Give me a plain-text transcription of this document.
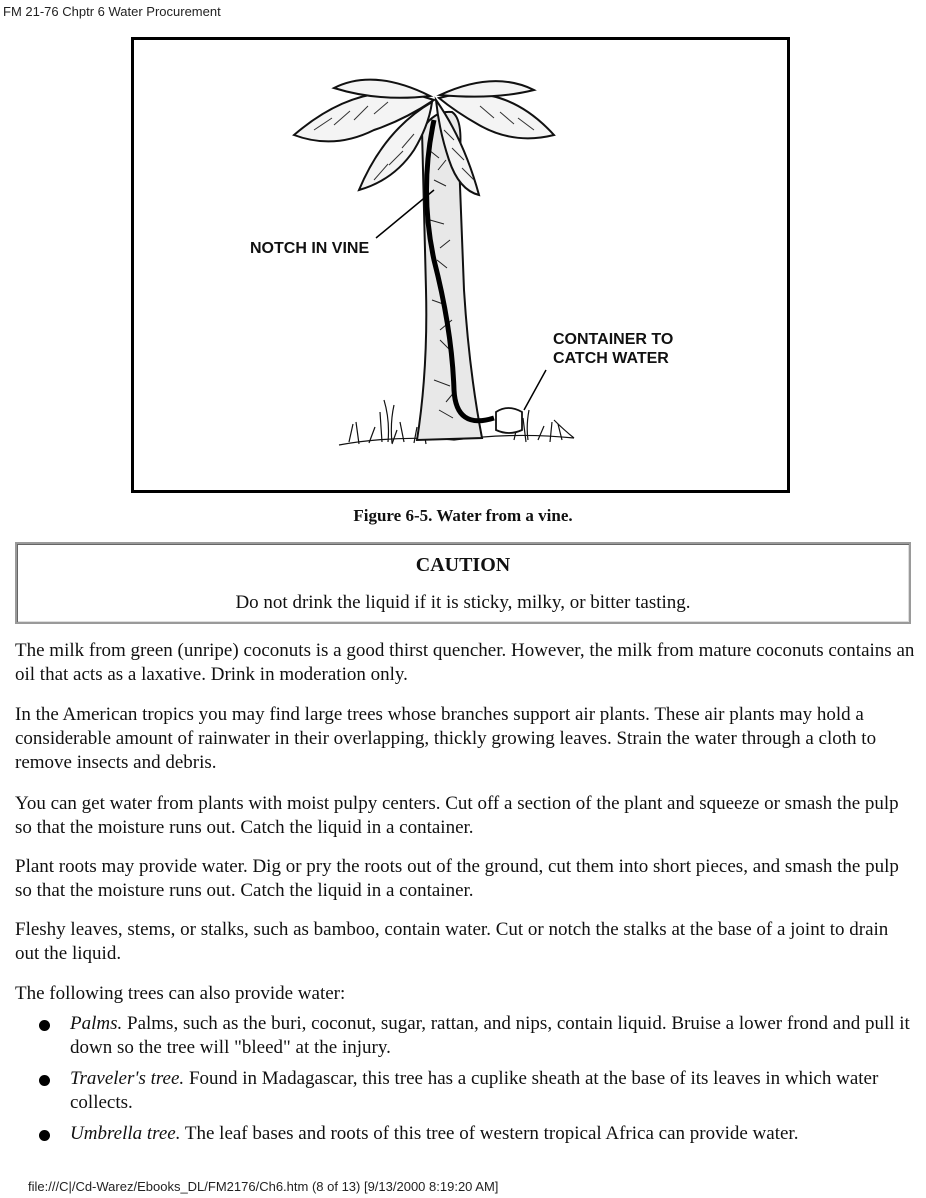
FM 21-76 Chptr 6 Water Procurement
NOTCH IN VINE
CONTAINER TO
CATCH WATER
Figure 6-5. Water from a vine.
CAUTION
Do not drink the liquid if it is sticky, milky, or bitter tasting.

The milk from green (unripe) coconuts is a good thirst quencher. However, the milk from mature coconuts contains an oil that acts as a laxative. Drink in moderation only.

In the American tropics you may find large trees whose branches support air plants. These air plants may hold a considerable amount of rainwater in their overlapping, thickly growing leaves. Strain the water through a cloth to remove insects and debris.

You can get water from plants with moist pulpy centers. Cut off a section of the plant and squeeze or smash the pulp so that the moisture runs out. Catch the liquid in a container.

Plant roots may provide water. Dig or pry the roots out of the ground, cut them into short pieces, and smash the pulp so that the moisture runs out. Catch the liquid in a container.

Fleshy leaves, stems, or stalks, such as bamboo, contain water. Cut or notch the stalks at the base of a joint to drain out the liquid.

The following trees can also provide water:

Palms. Palms, such as the buri, coconut, sugar, rattan, and nips, contain liquid. Bruise a lower frond and pull it down so the tree will "bleed" at the injury.
Traveler's tree. Found in Madagascar, this tree has a cuplike sheath at the base of its leaves in which water collects.
Umbrella tree. The leaf bases and roots of this tree of western tropical Africa can provide water.
file:///C|/Cd-Warez/Ebooks_DL/FM2176/Ch6.htm (8 of 13) [9/13/2000 8:19:20 AM]
